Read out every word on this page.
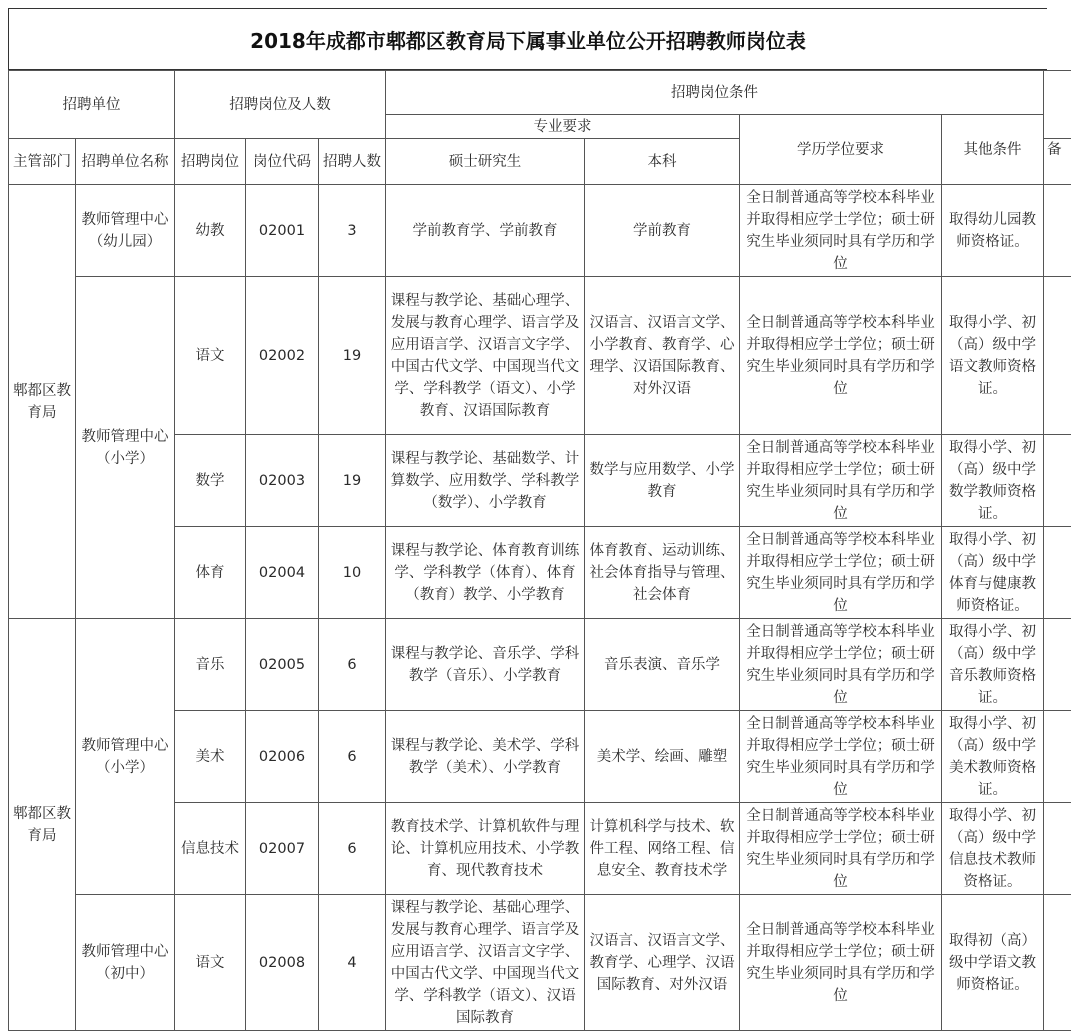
2018年成都市郫都区教育局下属事业单位公开招聘教师岗位表
招聘单位		招聘岗位及人数			招聘岗位条件				
					专业要求		学历学位要求	其他条件	
主管部门	招聘单位名称	招聘岗位	岗位代码	招聘人数	硕士研究生	本科			备
郫都区教育局	教师管理中心（幼儿园）	幼教	02001	3	学前教育学、学前教育	学前教育	全日制普通高等学校本科毕业并取得相应学士学位；硕士研究生毕业须同时具有学历和学位	取得幼儿园教师资格证。	
	教师管理中心（小学）	语文	02002	19	课程与教学论、基础心理学、发展与教育心理学、语言学及应用语言学、汉语言文字学、中国古代文学、中国现当代文学、学科教学（语文）、小学教育、汉语国际教育	汉语言、汉语言文学、小学教育、教育学、心理学、汉语国际教育、对外汉语	全日制普通高等学校本科毕业并取得相应学士学位；硕士研究生毕业须同时具有学历和学位	取得小学、初（高）级中学语文教师资格证。	
		数学	02003	19	课程与教学论、基础数学、计算数学、应用数学、学科教学（数学）、小学教育	数学与应用数学、小学教育	全日制普通高等学校本科毕业并取得相应学士学位；硕士研究生毕业须同时具有学历和学位	取得小学、初（高）级中学数学教师资格证。	
		体育	02004	10	课程与教学论、体育教育训练学、学科教学（体育）、体育（教育）教学、小学教育	体育教育、运动训练、社会体育指导与管理、社会体育	全日制普通高等学校本科毕业并取得相应学士学位；硕士研究生毕业须同时具有学历和学位	取得小学、初（高）级中学体育与健康教师资格证。	
郫都区教育局	教师管理中心（小学）	音乐	02005	6	课程与教学论、音乐学、学科教学（音乐）、小学教育	音乐表演、音乐学	全日制普通高等学校本科毕业并取得相应学士学位；硕士研究生毕业须同时具有学历和学位	取得小学、初（高）级中学音乐教师资格证。	
		美术	02006	6	课程与教学论、美术学、学科教学（美术）、小学教育	美术学、绘画、雕塑	全日制普通高等学校本科毕业并取得相应学士学位；硕士研究生毕业须同时具有学历和学位	取得小学、初（高）级中学美术教师资格证。	
		信息技术	02007	6	教育技术学、计算机软件与理论、计算机应用技术、小学教育、现代教育技术	计算机科学与技术、软件工程、网络工程、信息安全、教育技术学	全日制普通高等学校本科毕业并取得相应学士学位；硕士研究生毕业须同时具有学历和学位	取得小学、初（高）级中学信息技术教师资格证。	
	教师管理中心（初中）	语文	02008	4	课程与教学论、基础心理学、发展与教育心理学、语言学及应用语言学、汉语言文字学、中国古代文学、中国现当代文学、学科教学（语文）、汉语国际教育	汉语言、汉语言文学、教育学、心理学、汉语国际教育、对外汉语	全日制普通高等学校本科毕业并取得相应学士学位；硕士研究生毕业须同时具有学历和学位	取得初（高）级中学语文教师资格证。	
